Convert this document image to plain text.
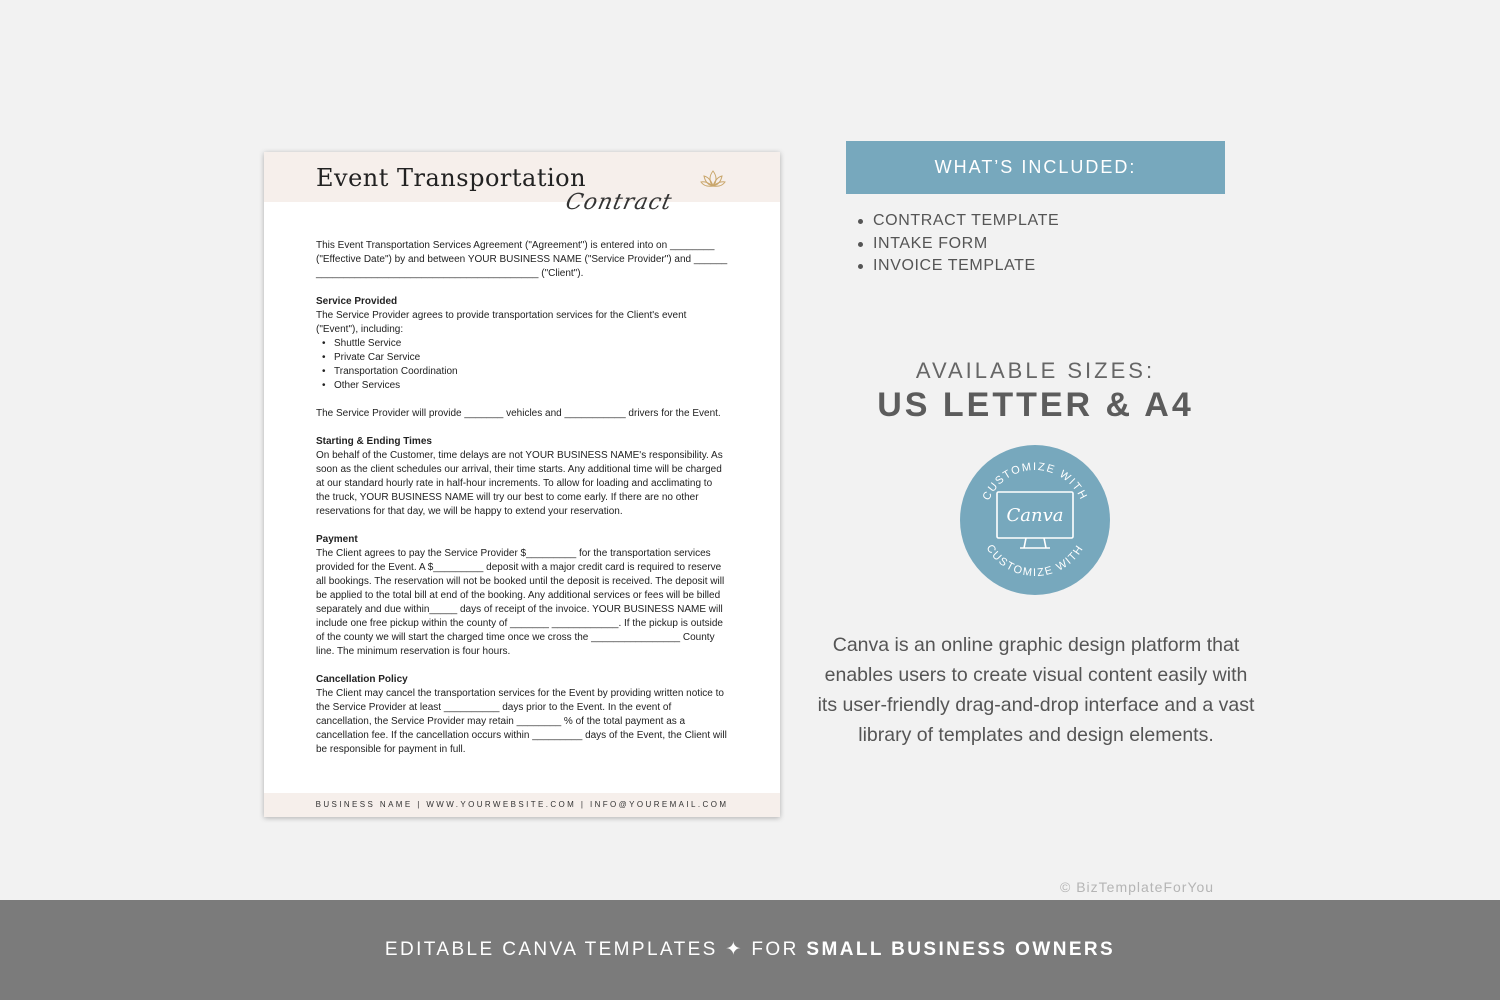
Event Transportation
Contract

This Event Transportation Services Agreement ("Agreement") is entered into on ________ ("Effective Date") by and between YOUR BUSINESS NAME ("Service Provider") and ______ ________________________________________ ("Client").

Service Provided

The Service Provider agrees to provide transportation services for the Client's event ("Event"), including:

• Shuttle Service
• Private Car Service
• Transportation Coordination
• Other Services

The Service Provider will provide _______ vehicles and ___________ drivers for the Event.

Starting & Ending Times

On behalf of the Customer, time delays are not YOUR BUSINESS NAME's responsibility. As soon as the client schedules our arrival, their time starts. Any additional time will be charged at our standard hourly rate in half-hour increments. To allow for loading and acclimating to the truck, YOUR BUSINESS NAME will try our best to come early. If there are no other reservations for that day, we will be happy to extend your reservation.

Payment

The Client agrees to pay the Service Provider $_________ for the transportation services provided for the Event. A $_________ deposit with a major credit card is required to reserve all bookings. The reservation will not be booked until the deposit is received. The deposit will be applied to the total bill at end of the booking. Any additional services or fees will be billed separately and due within_____ days of receipt of the invoice. YOUR BUSINESS NAME will include one free pickup within the county of _______ ____________. If the pickup is outside of the county we will start the charged time once we cross the ________________ County line. The minimum reservation is four hours.

Cancellation Policy

The Client may cancel the transportation services for the Event by providing written notice to the Service Provider at least __________ days prior to the Event. In the event of cancellation, the Service Provider may retain ________ % of the total payment as a cancellation fee. If the cancellation occurs within _________ days of the Event, the Client will be responsible for payment in full.

BUSINESS NAME | WWW.YOURWEBSITE.COM | INFO@YOUREMAIL.COM
WHAT’S INCLUDED:
CONTRACT TEMPLATE
INTAKE FORM
INVOICE TEMPLATE
AVAILABLE SIZES:
US LETTER & A4
CUSTOMIZE WITH
CUSTOMIZE WITH
Canva
Canva is an online graphic design platform that enables users to create visual content easily with its user-friendly drag-and-drop interface and a vast library of templates and design elements.
© BizTemplateForYou
EDITABLE CANVA TEMPLATES ✦ FOR SMALL BUSINESS OWNERS
